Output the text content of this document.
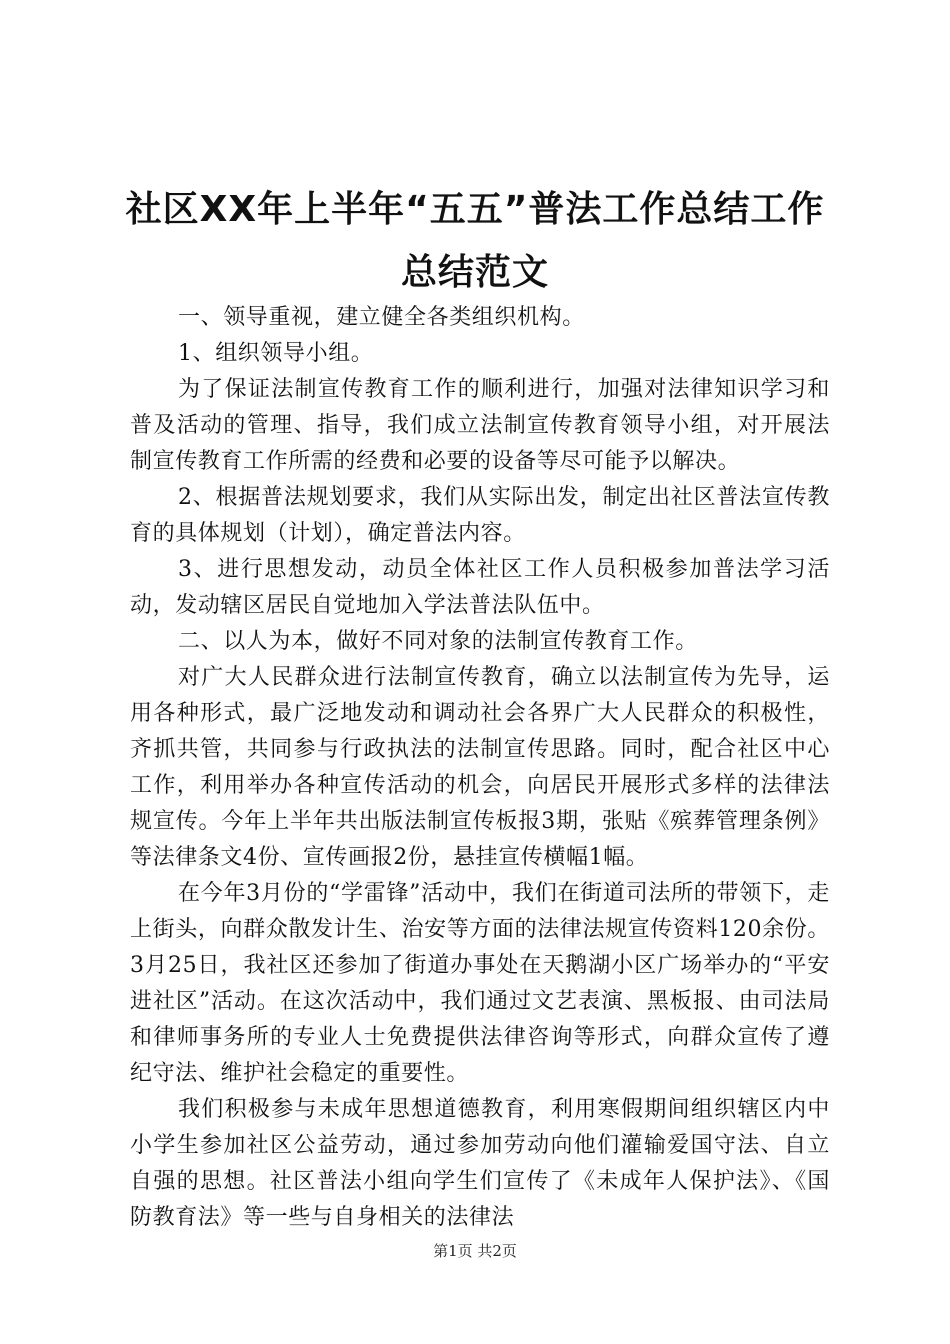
社区XX年上半年“五五”普法工作总结工作总结范文

一、领导重视，建立健全各类组织机构。

1、组织领导小组。

为了保证法制宣传教育工作的顺利进行，加强对法律知识学习和普及活动的管理、指导，我们成立法制宣传教育领导小组，对开展法制宣传教育工作所需的经费和必要的设备等尽可能予以解决。

2、根据普法规划要求，我们从实际出发，制定出社区普法宣传教育的具体规划（计划），确定普法内容。

3、进行思想发动，动员全体社区工作人员积极参加普法学习活动，发动辖区居民自觉地加入学法普法队伍中。

二、以人为本，做好不同对象的法制宣传教育工作。

对广大人民群众进行法制宣传教育，确立以法制宣传为先导，运用各种形式，最广泛地发动和调动社会各界广大人民群众的积极性，齐抓共管，共同参与行政执法的法制宣传思路。同时，配合社区中心工作，利用举办各种宣传活动的机会，向居民开展形式多样的法律法规宣传。今年上半年共出版法制宣传板报3期，张贴《殡葬管理条例》等法律条文4份、宣传画报2份，悬挂宣传横幅1幅。

在今年3月份的“学雷锋”活动中，我们在街道司法所的带领下，走上街头，向群众散发计生、治安等方面的法律法规宣传资料120余份。3月25日，我社区还参加了街道办事处在天鹅湖小区广场举办的“平安进社区”活动。在这次活动中，我们通过文艺表演、黑板报、由司法局和律师事务所的专业人士免费提供法律咨询等形式，向群众宣传了遵纪守法、维护社会稳定的重要性。

我们积极参与未成年思想道德教育，利用寒假期间组织辖区内中小学生参加社区公益劳动，通过参加劳动向他们灌输爱国守法、自立自强的思想。社区普法小组向学生们宣传了《未成年人保护法》、《国防教育法》等一些与自身相关的法律法

第1页 共2页
